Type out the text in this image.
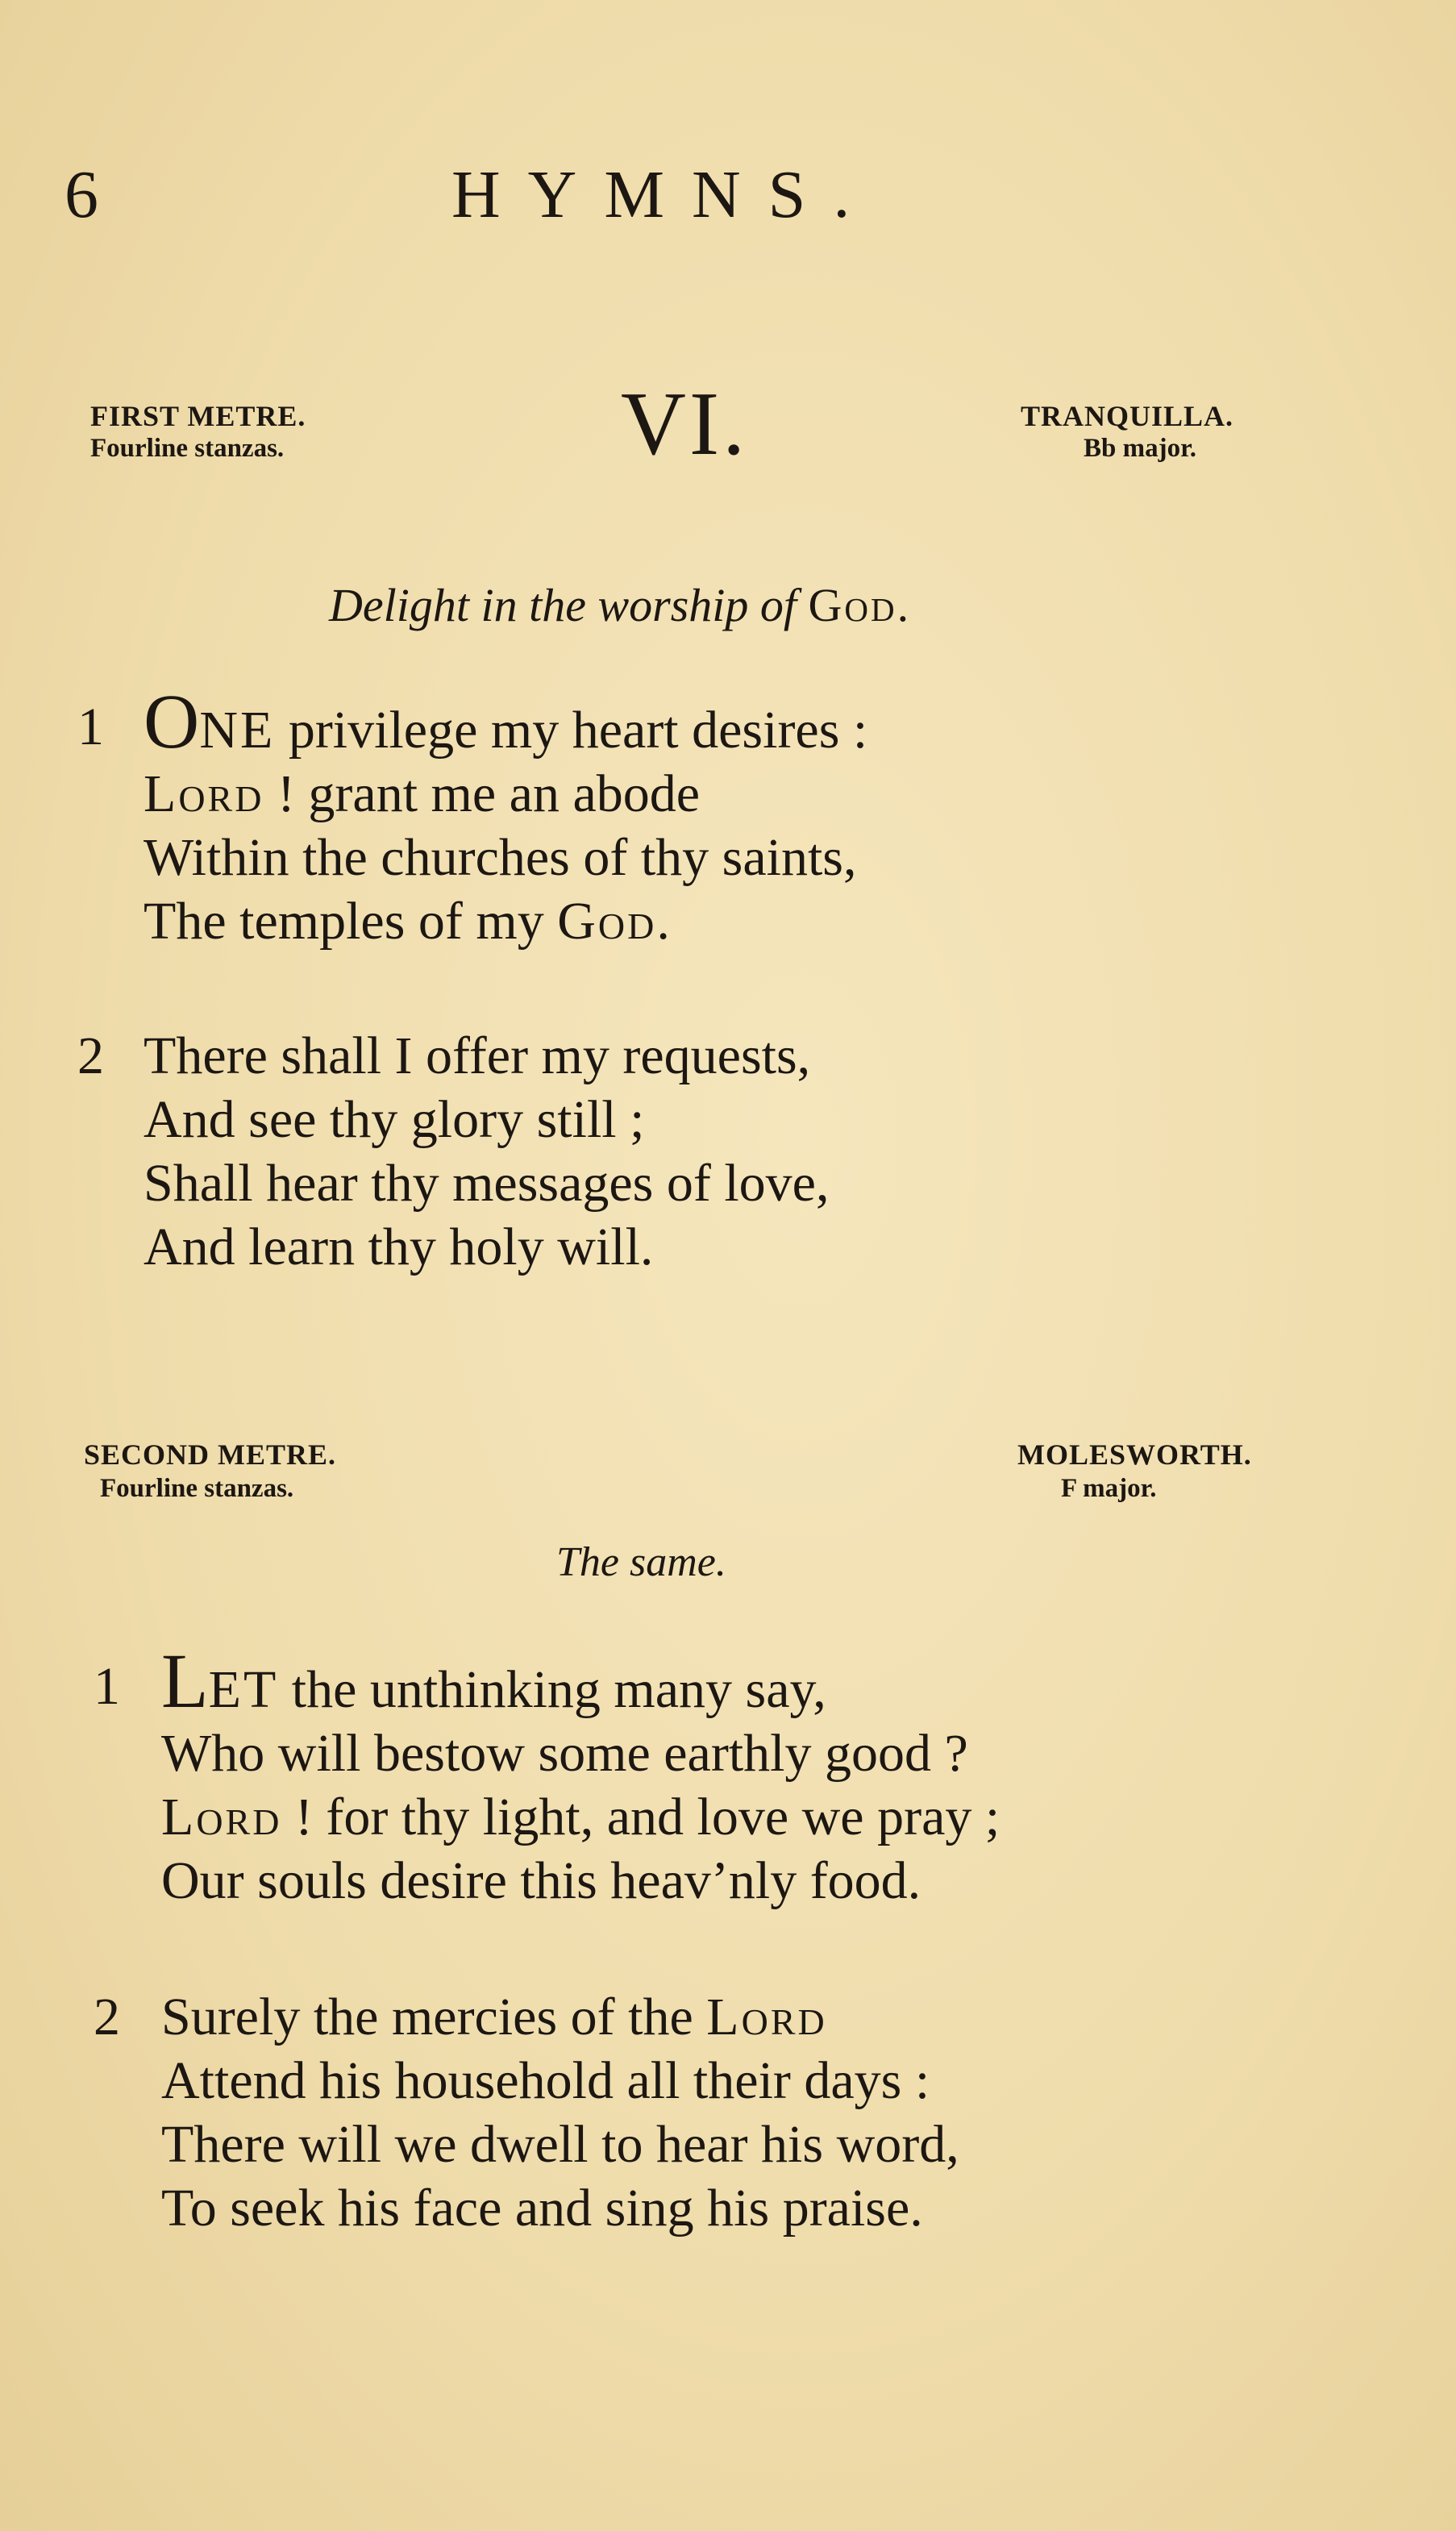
6	HYMNS.
FIRST METRE.
Fourline stanzas.	VI.	TRANQUILLA.
Bb major.
Delight in the worship of God.
1 ONE privilege my heart desires :
Lord ! grant me an abode
Within the churches of thy saints,
The temples of my God.
2 There shall I offer my requests,
And see thy glory still ;
Shall hear thy messages of love,
And learn thy holy will.
SECOND METRE.
Fourline stanzas.
MOLESWORTH.
F major.
The same.
1 LET the unthinking many say,
Who will bestow some earthly good ?
Lord ! for thy light, and love we pray ;
Our souls desire this heav’nly food.
2 Surely the mercies of the Lord
Attend his household all their days :
There will we dwell to hear his word,
To seek his face and sing his praise.
